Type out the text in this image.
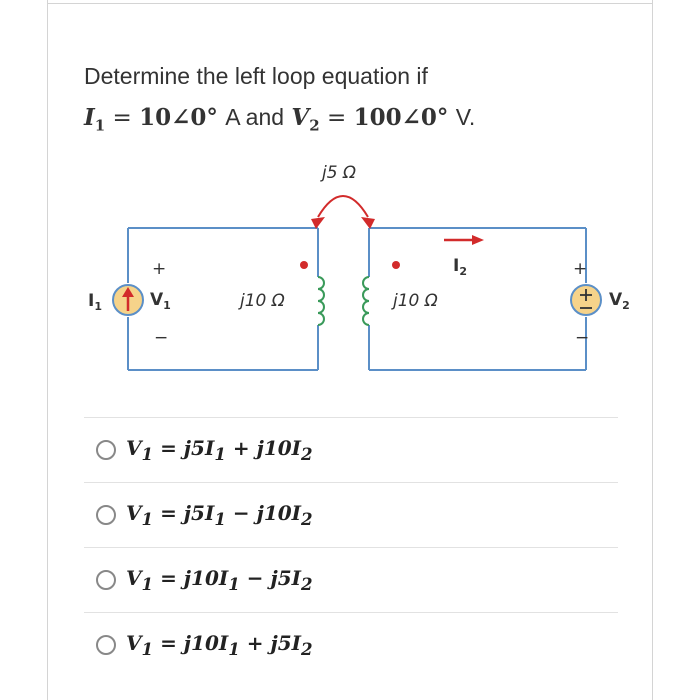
Determine the left loop equation if
$I_1$ = 10∠0° A and $V_2$ = 100∠0° V.
j5 Ω
$I_1$
+
$V_1$
−
j10 Ω	j10 Ω
$I_2$	+
$V_2$
−
$V_1 = j5I_1 + j10I_2$
$V_1 = j5I_1 - j10I_2$
$V_1 = j10I_1 - j5I_2$
$V_1 = j10I_1 + j5I_2$
